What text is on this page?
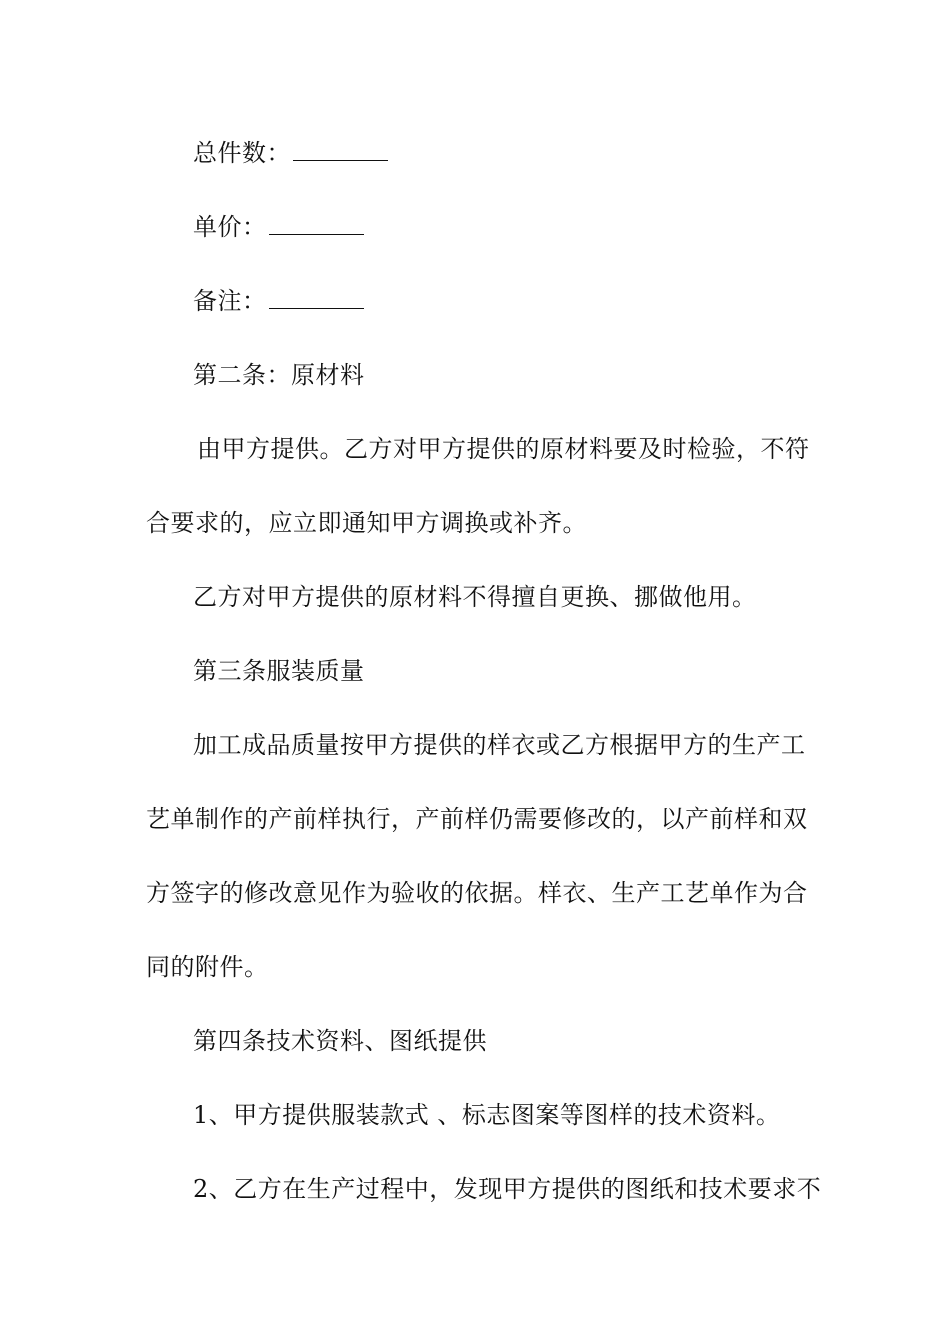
总件数：
单价：
备注：
第二条：原材料
由甲方提供。乙方对甲方提供的原材料要及时检验，不符
合要求的，应立即通知甲方调换或补齐。
乙方对甲方提供的原材料不得擅自更换、挪做他用。
第三条服装质量
加工成品质量按甲方提供的样衣或乙方根据甲方的生产工
艺单制作的产前样执行，产前样仍需要修改的，以产前样和双
方签字的修改意见作为验收的依据。样衣、生产工艺单作为合
同的附件。
第四条技术资料、图纸提供
1、甲方提供服装款式 、标志图案等图样的技术资料。
2、乙方在生产过程中，发现甲方提供的图纸和技术要求不
